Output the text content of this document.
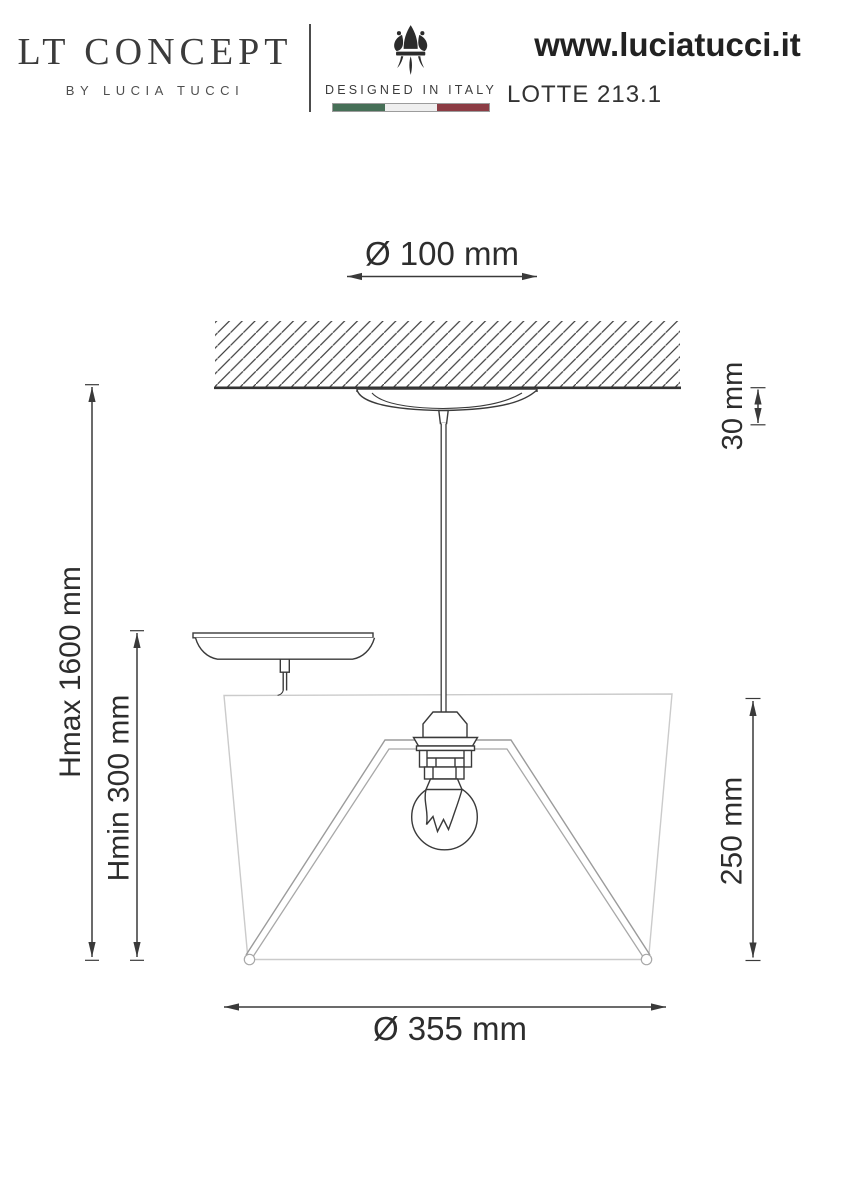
LT CONCEPT
BY LUCIA TUCCI	DESIGNED IN ITALY
www.luciatucci.it
LOTTE 213.1
Ø 100 mm
30 mm
Hmax 1600 mm
Hmin 300 mm	250 mm
Ø 355 mm
